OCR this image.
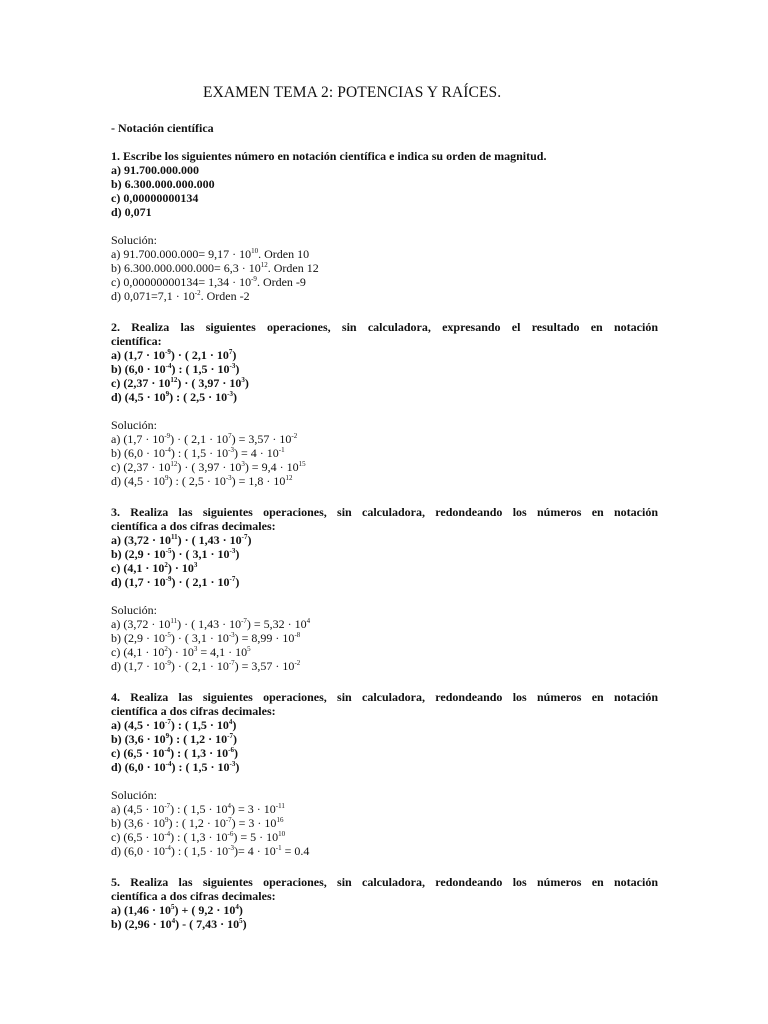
EXAMEN TEMA 2: POTENCIAS Y RAÍCES.
- Notación científica
1. Escribe los siguientes número en notación científica e indica su orden de magnitud.
a) 91.700.000.000
b) 6.300.000.000.000
c) 0,00000000134
d) 0,071
Solución:
a) $91.700.000.000= 9,17 \cdot 10^{10}$. Orden 10
b) $6.300.000.000.000= 6,3 \cdot 10^{12}$. Orden 12
c) $0,00000000134= 1,34 \cdot 10^{-9}$. Orden -9
d) $0,071=7,1 \cdot 10^{-2}$. Orden -2
2. Realiza las siguientes operaciones, sin calculadora, expresando el resultado en notación
científica:
a) $(1,7 \cdot 10^{-9})$ · ( $2,1 \cdot 10^7$)
b) $(6,0 \cdot 10^{-4})$ : ( $1,5 \cdot 10^{-3}$)
c) $(2,37 \cdot 10^{12})$ · ( $3,97 \cdot 10^3$)
d) $(4,5 \cdot 10^9)$ : ( $2,5 \cdot 10^{-3}$)
Solución:
a) $(1,7 \cdot 10^{-9})$ · ( $2,1 \cdot 10^7) = 3,57 \cdot 10^{-2}$
b) $(6,0 \cdot 10^{-4})$ : ( $1,5 \cdot 10^{-3}) = 4 \cdot 10^{-1}$
c) $(2,37 \cdot 10^{12})$ · ( $3,97 \cdot 10^3) = 9,4 \cdot 10^{15}$
d) $(4,5 \cdot 10^9)$ : ( $2,5 \cdot 10^{-3}) = 1,8 \cdot 10^{12}$
3. Realiza las siguientes operaciones, sin calculadora, redondeando los números en notación
científica a dos cifras decimales:
a) $(3,72 \cdot 10^{11})$ · ( $1,43 \cdot 10^{-7}$)
b) $(2,9 \cdot 10^{-5})$ · ( $3,1 \cdot 10^{-3}$)
c) $(4,1 \cdot 10^2) \cdot 10^3$
d) $(1,7 \cdot 10^{-9})$ · ( $2,1 \cdot 10^{-7}$)
Solución:
a) $(3,72 \cdot 10^{11})$ · ( $1,43 \cdot 10^{-7}) = 5,32 \cdot 10^4$
b) $(2,9 \cdot 10^{-5})$ · ( $3,1 \cdot 10^{-3}) = 8,99 \cdot 10^{-8}$
c) $(4,1 \cdot 10^2) \cdot 10^3 = 4,1 \cdot 10^5$
d) $(1,7 \cdot 10^{-9})$ · ( $2,1 \cdot 10^{-7}) = 3,57 \cdot 10^{-2}$
4. Realiza las siguientes operaciones, sin calculadora, redondeando los números en notación
científica a dos cifras decimales:
a) $(4,5 \cdot 10^{-7})$ : ( $1,5 \cdot 10^4$)
b) $(3,6 \cdot 10^9)$ : ( $1,2 \cdot 10^{-7}$)
c) $(6,5 \cdot 10^{-4})$ : ( $1,3 \cdot 10^{-6}$)
d) $(6,0 \cdot 10^{-4})$ : ( $1,5 \cdot 10^{-3}$)
Solución:
a) $(4,5 \cdot 10^{-7})$ : ( $1,5 \cdot 10^4) = 3 \cdot 10^{-11}$
b) $(3,6 \cdot 10^9)$ : ( $1,2 \cdot 10^{-7}) = 3 \cdot 10^{16}$
c) $(6,5 \cdot 10^{-4})$ : ( $1,3 \cdot 10^{-6}) = 5 \cdot 10^{10}$
d) $(6,0 \cdot 10^{-4})$ : ( $1,5 \cdot 10^{-3})= 4 \cdot 10^{-1} = 0.4$
5. Realiza las siguientes operaciones, sin calculadora, redondeando los números en notación
científica a dos cifras decimales:
a) $(1,46 \cdot 10^5)$ + ( $9,2 \cdot 10^4$)
b) $(2,96 \cdot 10^4)$ - ( $7,43 \cdot 10^5$)
